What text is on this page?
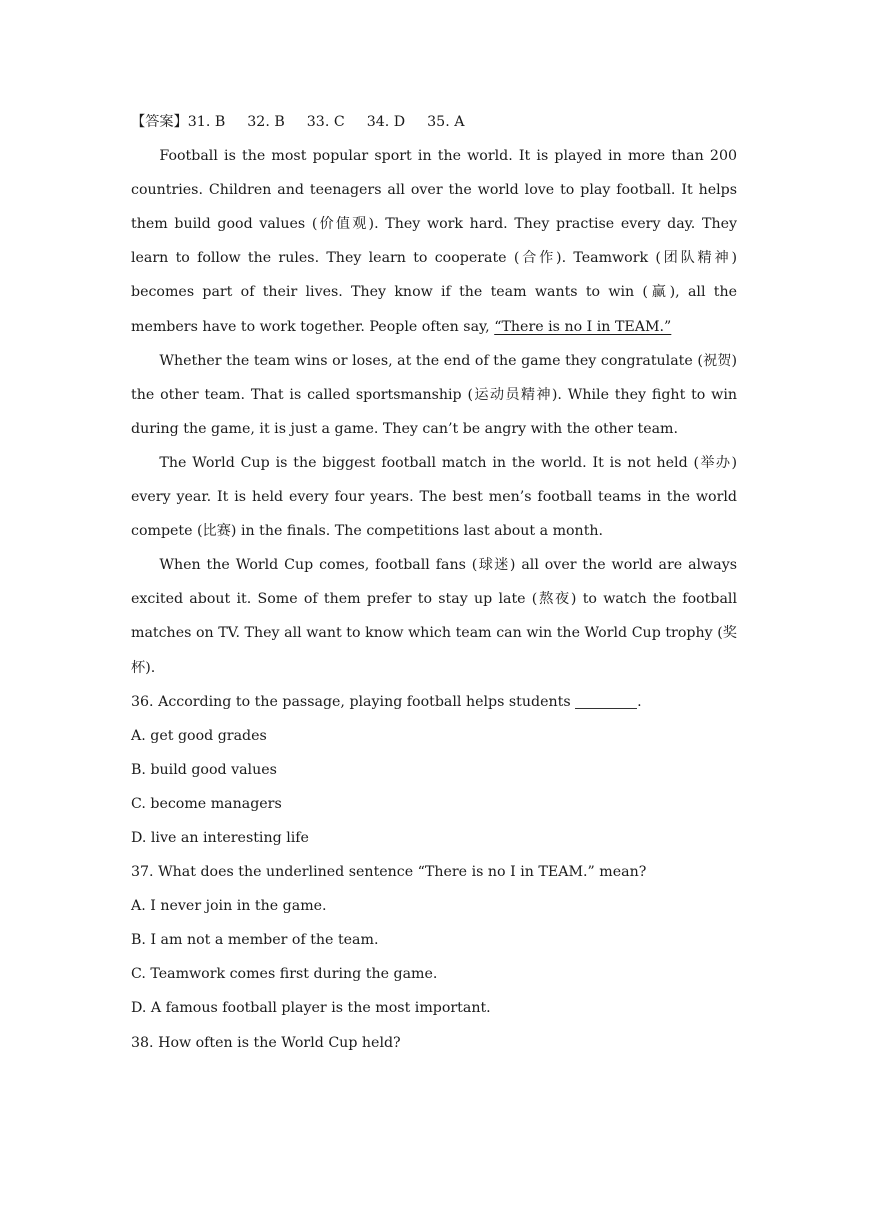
【答案】31. B 32. B 33. C 34. D 35. A

Football is the most popular sport in the world. It is played in more than 200 countries. Children and teenagers all over the world love to play football. It helps them build good values (价值观). They work hard. They practise every day. They learn to follow the rules. They learn to cooperate (合作). Teamwork (团队精神) becomes part of their lives. They know if the team wants to win (赢), all the members have to work together. People often say, “There is no I in TEAM.”

Whether the team wins or loses, at the end of the game they congratulate (祝贺) the other team. That is called sportsmanship (运动员精神). While they fight to win during the game, it is just a game. They can’t be angry with the other team.

The World Cup is the biggest football match in the world. It is not held (举办) every year. It is held every four years. The best men’s football teams in the world compete (比赛) in the finals. The competitions last about a month.

When the World Cup comes, football fans (球迷) all over the world are always excited about it. Some of them prefer to stay up late (熬夜) to watch the football matches on TV. They all want to know which team can win the World Cup trophy (奖杯).

36. According to the passage, playing football helps students	.
A. get good grades
B. build good values
C. become managers
D. live an interesting life
37. What does the underlined sentence “There is no I in TEAM.” mean?
A. I never join in the game.
B. I am not a member of the team.
C. Teamwork comes first during the game.
D. A famous football player is the most important.
38. How often is the World Cup held?
